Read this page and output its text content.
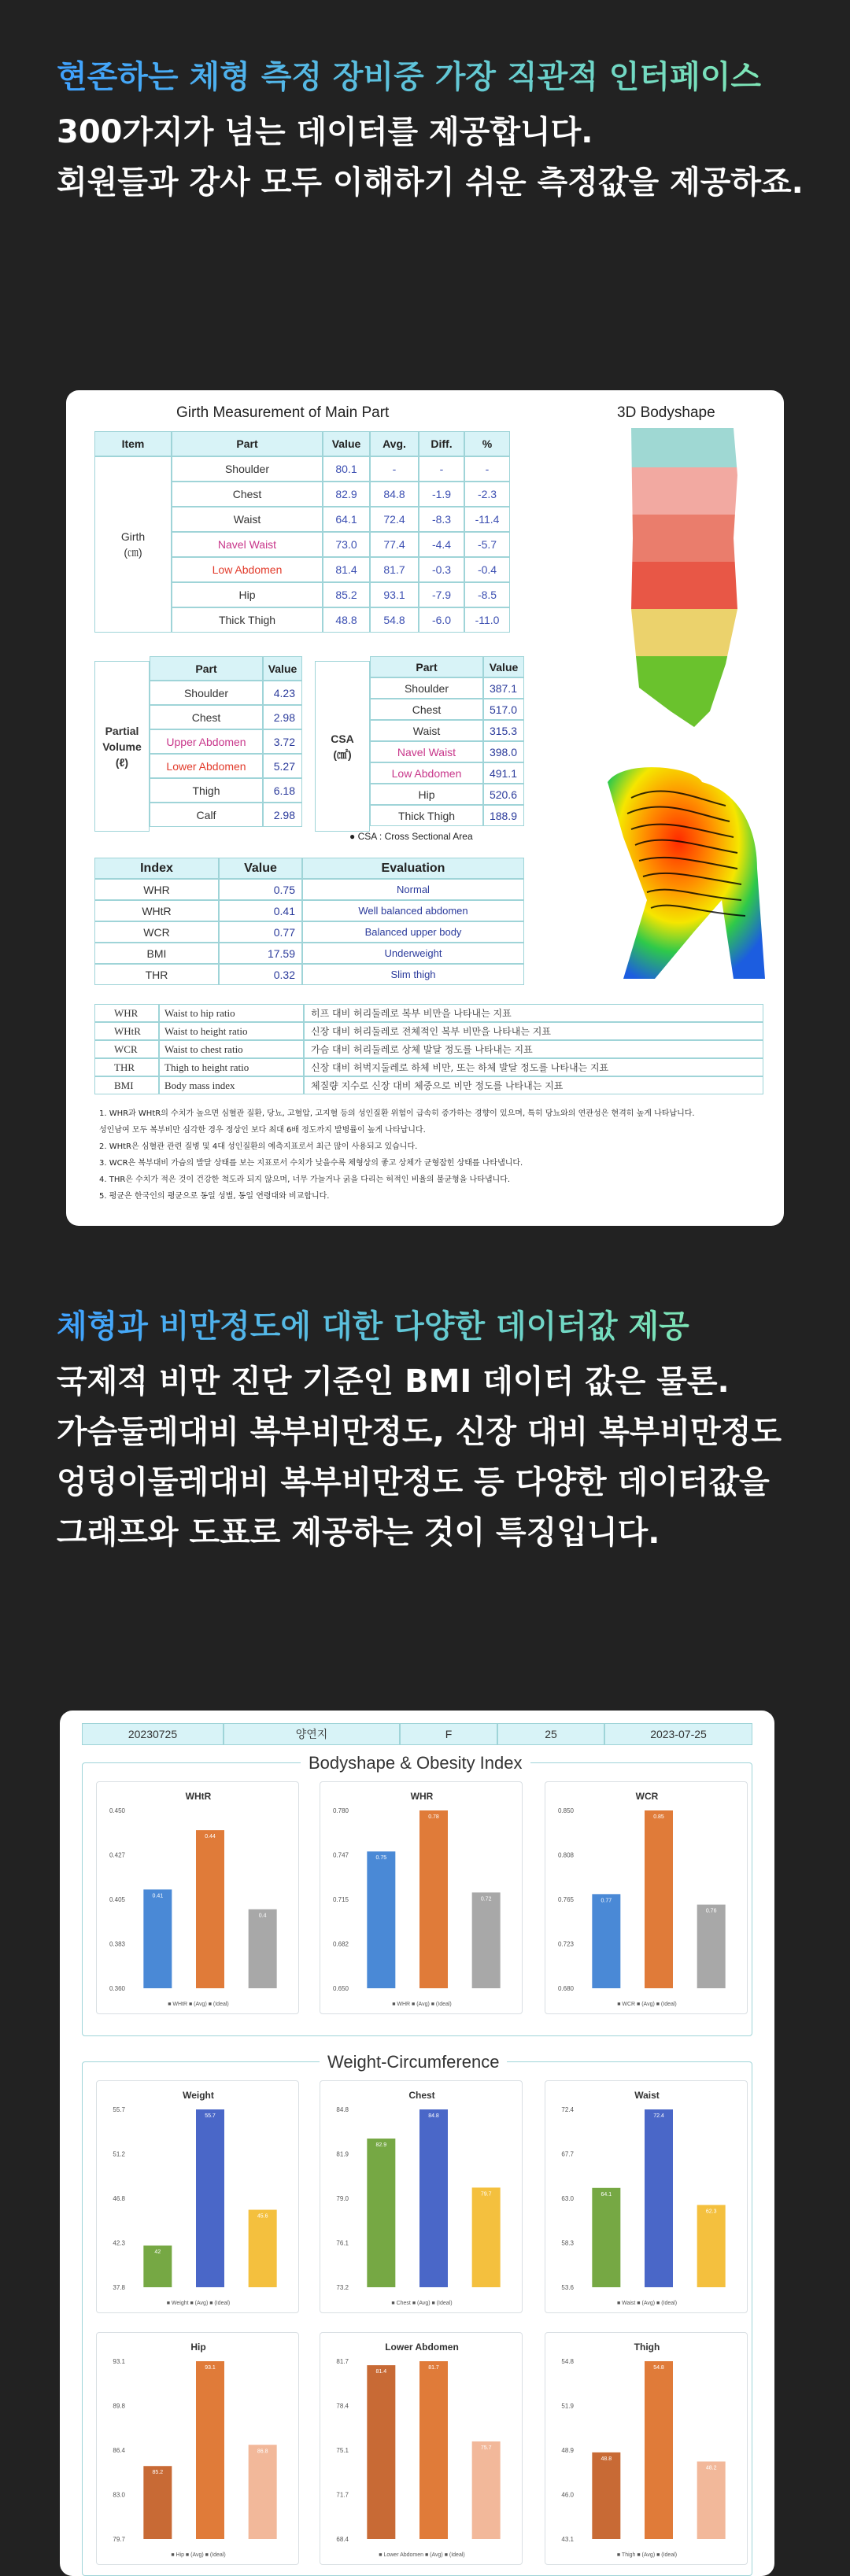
현존하는 체형 측정 장비중 가장 직관적 인터페이스
300가지가 넘는 데이터를 제공합니다.
회원들과 강사 모두 이해하기 쉬운 측정값을 제공하죠.
Girth Measurement of Main Part
Item	Part	Value	Avg.	Diff.	%
Girth
(㎝)
Shoulder	80.1	-	-	-
Chest	82.9	84.8	-1.9	-2.3
Waist	64.1	72.4	-8.3	-11.4
Navel Waist	73.0	77.4	-4.4	-5.7
Low Abdomen	81.4	81.7	-0.3	-0.4
Hip	85.2	93.1	-7.9	-8.5
Thick Thigh	48.8	54.8	-6.0	-11.0
Partial
Volume
(ℓ)
Part	Value
Shoulder	4.23
Chest	2.98
Upper Abdomen	3.72
Lower Abdomen	5.27
Thigh	6.18
Calf	2.98
CSA
(㎠)
Part	Value
Shoulder	387.1
Chest	517.0
Waist	315.3
Navel Waist	398.0
Low Abdomen	491.1
Hip	520.6
Thick Thigh	188.9
● CSA : Cross Sectional Area
Index	Value	Evaluation
WHR	0.75	Normal
WHtR	0.41	Well balanced abdomen
WCR	0.77	Balanced upper body
BMI	17.59	Underweight
THR	0.32	Slim thigh
WHR	Waist to hip ratio	히프 대비 허리둘레로 복부 비만을 나타내는 지표
WHtR	Waist to height ratio	신장 대비 허리둘레로 전체적인 복부 비만을 나타내는 지표
WCR	Waist to chest ratio	가슴 대비 허리둘레로 상체 발달 정도를 나타내는 지표
THR	Thigh to height ratio	신장 대비 허벅지둘레로 하체 비만, 또는 하체 발달 정도를 나타내는 지표
BMI	Body mass index	체질량 지수로 신장 대비 체중으로 비만 정도를 나타내는 지표
1. WHR과 WHtR의 수치가 높으면 심혈관 질환, 당뇨, 고혈압, 고지혈 등의 성인질환 위험이 급속히 증가하는 경향이 있으며, 특히 당뇨와의 연관성은 현격히 높게 나타납니다.
성인남여 모두 복부비만 심각한 경우 정상인 보다 최대 6배 정도까지 발병률이 높게 나타납니다.
2. WHtR은 심혈관 관련 질병 및 4대 성인질환의 예측지표로서 최근 많이 사용되고 있습니다.
3. WCR은 복부대비 가슴의 발달 상태를 보는 지표로서 수치가 낮을수록 체형상의 좋고 상체가 균형잡힌 상태를 나타냅니다.
4. THR은 수치가 적은 것이 건강한 척도라 되지 않으며, 너무 가늘거나 굵을 다리는 허적인 비율의 불균형을 나타냅니다.
5. 평균은 한국인의 평균으로 동일 성별, 동일 연령대와 비교합니다.
3D Bodyshape
체형과 비만정도에 대한 다양한 데이터값 제공
국제적 비만 진단 기준인 BMI 데이터 값은 물론.
가슴둘레대비 복부비만정도, 신장 대비 복부비만정도
엉덩이둘레대비 복부비만정도 등 다양한 데이터값을
그래프와 도표로 제공하는 것이 특징입니다.
20230725	양연지	F	25	2023-07-25
Bodyshape & Obesity Index
Weight-Circumference
WHtR
0.360
0.383
0.405
0.427
0.450
0.41
0.44
0.4
■ WHtR ■ (Avg) ■ (Ideal)
WHR
0.650
0.682
0.715
0.747
0.780
0.75
0.78
0.72
■ WHR ■ (Avg) ■ (Ideal)
WCR
0.680
0.723
0.765
0.808
0.850
0.77
0.85
0.76
■ WCR ■ (Avg) ■ (Ideal)
Weight
37.8
42.3
46.8
51.2
55.7
42
55.7
45.6
■ Weight ■ (Avg) ■ (Ideal)
Chest
73.2
76.1
79.0
81.9
84.8
82.9
84.8
79.7
■ Chest ■ (Avg) ■ (Ideal)
Waist
53.6
58.3
63.0
67.7
72.4
64.1
72.4
62.3
■ Waist ■ (Avg) ■ (Ideal)
Hip
79.7
83.0
86.4
89.8
93.1
85.2
93.1
86.8
■ Hip ■ (Avg) ■ (Ideal)
Lower Abdomen
68.4
71.7
75.1
78.4
81.7
81.4
81.7
75.7
■ Lower Abdomen ■ (Avg) ■ (Ideal)
Thigh
43.1
46.0
48.9
51.9
54.8
48.8
54.8
48.2
■ Thigh ■ (Avg) ■ (Ideal)
